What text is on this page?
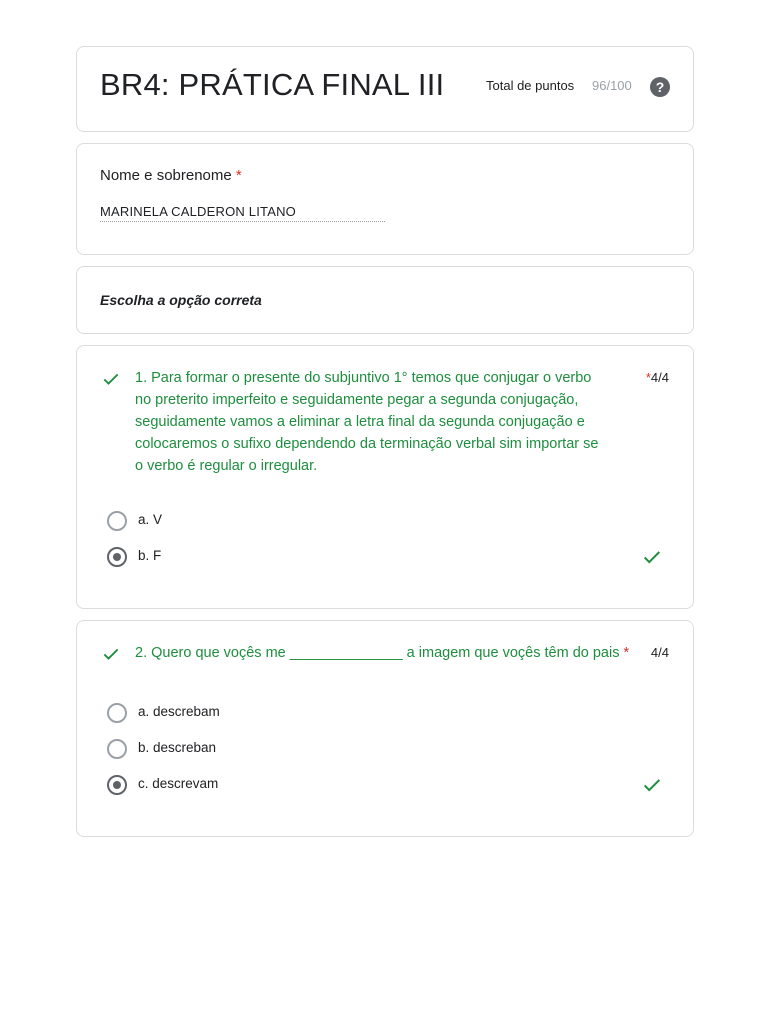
BR4: PRÁTICA FINAL III	Total de puntos 96/100	?
Nome e sobrenome *
MARINELA CALDERON LITANO
Escolha a opção correta
1. Para formar o presente do subjuntivo 1° temos que conjugar o verbo
no preterito imperfeito e seguidamente pegar a segunda conjugação,
seguidamente vamos a eliminar a letra final da segunda conjugação e
colocaremos o sufixo dependendo da terminação verbal sim importar se
o verbo é regular o irregular.
*4/4
a. V
b. F
2. Quero que voçês me ______________ a imagem que voçês têm do pais * 4/4
a. descrebam
b. descreban
c. descrevam
